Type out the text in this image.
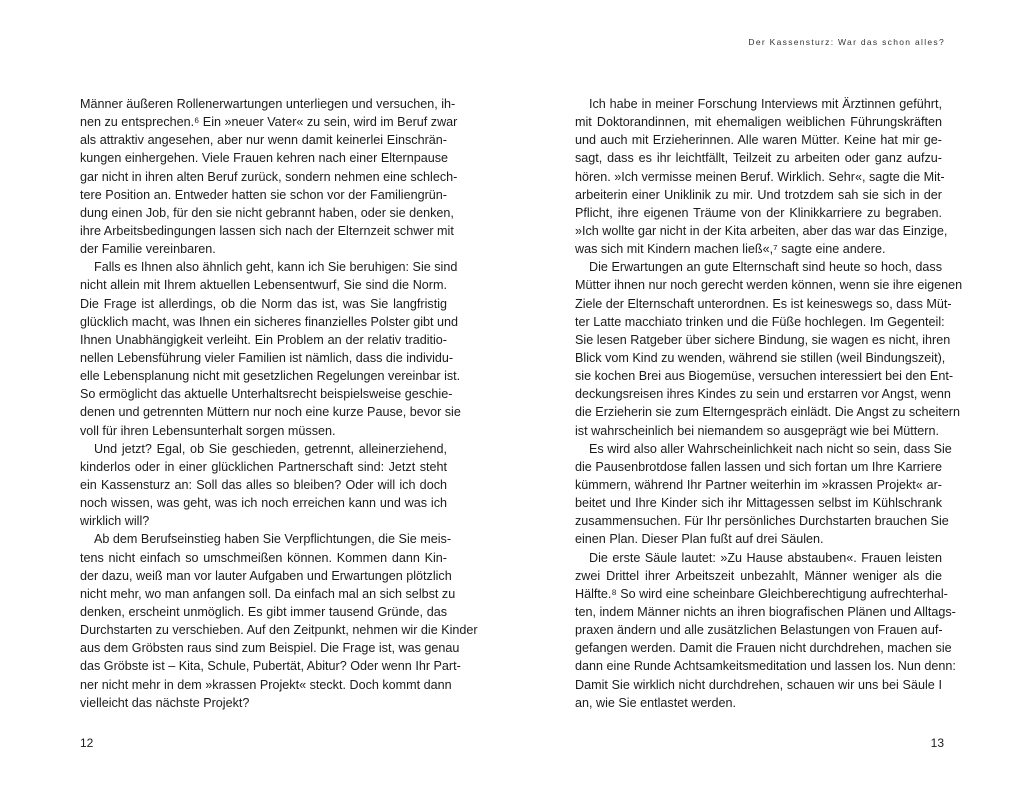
Männer äußeren Rollenerwartungen unterliegen und versuchen, ih-
nen zu entsprechen.⁶ Ein »neuer Vater« zu sein, wird im Beruf zwar
als attraktiv angesehen, aber nur wenn damit keinerlei Einschrän-
kungen einhergehen. Viele Frauen kehren nach einer Elternpause
gar nicht in ihren alten Beruf zurück, sondern nehmen eine schlech-
tere Position an. Entweder hatten sie schon vor der Familiengrün-
dung einen Job, für den sie nicht gebrannt haben, oder sie denken,
ihre Arbeitsbedingungen lassen sich nach der Elternzeit schwer mit
der Familie vereinbaren.
Falls es Ihnen also ähnlich geht, kann ich Sie beruhigen: Sie sind
nicht allein mit Ihrem aktuellen Lebensentwurf, Sie sind die Norm.
Die Frage ist allerdings, ob die Norm das ist, was Sie langfristig
glücklich macht, was Ihnen ein sicheres finanzielles Polster gibt und
Ihnen Unabhängigkeit verleiht. Ein Problem an der relativ traditio-
nellen Lebensführung vieler Familien ist nämlich, dass die individu-
elle Lebensplanung nicht mit gesetzlichen Regelungen vereinbar ist.
So ermöglicht das aktuelle Unterhaltsrecht beispielsweise geschie-
denen und getrennten Müttern nur noch eine kurze Pause, bevor sie
voll für ihren Lebensunterhalt sorgen müssen.
Und jetzt? Egal, ob Sie geschieden, getrennt, alleinerziehend,
kinderlos oder in einer glücklichen Partnerschaft sind: Jetzt steht
ein Kassensturz an: Soll das alles so bleiben? Oder will ich doch
noch wissen, was geht, was ich noch erreichen kann und was ich
wirklich will?
Ab dem Berufseinstieg haben Sie Verpflichtungen, die Sie meis-
tens nicht einfach so umschmeißen können. Kommen dann Kin-
der dazu, weiß man vor lauter Aufgaben und Erwartungen plötzlich
nicht mehr, wo man anfangen soll. Da einfach mal an sich selbst zu
denken, erscheint unmöglich. Es gibt immer tausend Gründe, das
Durchstarten zu verschieben. Auf den Zeitpunkt, nehmen wir die Kinder
aus dem Gröbsten raus sind zum Beispiel. Die Frage ist, was genau
das Gröbste ist – Kita, Schule, Pubertät, Abitur? Oder wenn Ihr Part-
ner nicht mehr in dem »krassen Projekt« steckt. Doch kommt dann
vielleicht das nächste Projekt?
12
Der Kassensturz: War das schon alles?
Ich habe in meiner Forschung Interviews mit Ärztinnen geführt,
mit Doktorandinnen, mit ehemaligen weiblichen Führungskräften
und auch mit Erzieherinnen. Alle waren Mütter. Keine hat mir ge-
sagt, dass es ihr leichtfällt, Teilzeit zu arbeiten oder ganz aufzu-
hören. »Ich vermisse meinen Beruf. Wirklich. Sehr«, sagte die Mit-
arbeiterin einer Uniklinik zu mir. Und trotzdem sah sie sich in der
Pflicht, ihre eigenen Träume von der Klinikkarriere zu begraben.
»Ich wollte gar nicht in der Kita arbeiten, aber das war das Einzige,
was sich mit Kindern machen ließ«,⁷ sagte eine andere.
Die Erwartungen an gute Elternschaft sind heute so hoch, dass
Mütter ihnen nur noch gerecht werden können, wenn sie ihre eigenen
Ziele der Elternschaft unterordnen. Es ist keineswegs so, dass Müt-
ter Latte macchiato trinken und die Füße hochlegen. Im Gegenteil:
Sie lesen Ratgeber über sichere Bindung, sie wagen es nicht, ihren
Blick vom Kind zu wenden, während sie stillen (weil Bindungszeit),
sie kochen Brei aus Biogemüse, versuchen interessiert bei den Ent-
deckungsreisen ihres Kindes zu sein und erstarren vor Angst, wenn
die Erzieherin sie zum Elterngespräch einlädt. Die Angst zu scheitern
ist wahrscheinlich bei niemandem so ausgeprägt wie bei Müttern.
Es wird also aller Wahrscheinlichkeit nach nicht so sein, dass Sie
die Pausenbrotdose fallen lassen und sich fortan um Ihre Karriere
kümmern, während Ihr Partner weiterhin im »krassen Projekt« ar-
beitet und Ihre Kinder sich ihr Mittagessen selbst im Kühlschrank
zusammensuchen. Für Ihr persönliches Durchstarten brauchen Sie
einen Plan. Dieser Plan fußt auf drei Säulen.
Die erste Säule lautet: »Zu Hause abstauben«. Frauen leisten
zwei Drittel ihrer Arbeitszeit unbezahlt, Männer weniger als die
Hälfte.⁸ So wird eine scheinbare Gleichberechtigung aufrechterhal-
ten, indem Männer nichts an ihren biografischen Plänen und Alltags-
praxen ändern und alle zusätzlichen Belastungen von Frauen auf-
gefangen werden. Damit die Frauen nicht durchdrehen, machen sie
dann eine Runde Achtsamkeitsmeditation und lassen los. Nun denn:
Damit Sie wirklich nicht durchdrehen, schauen wir uns bei Säule I
an, wie Sie entlastet werden.
13
